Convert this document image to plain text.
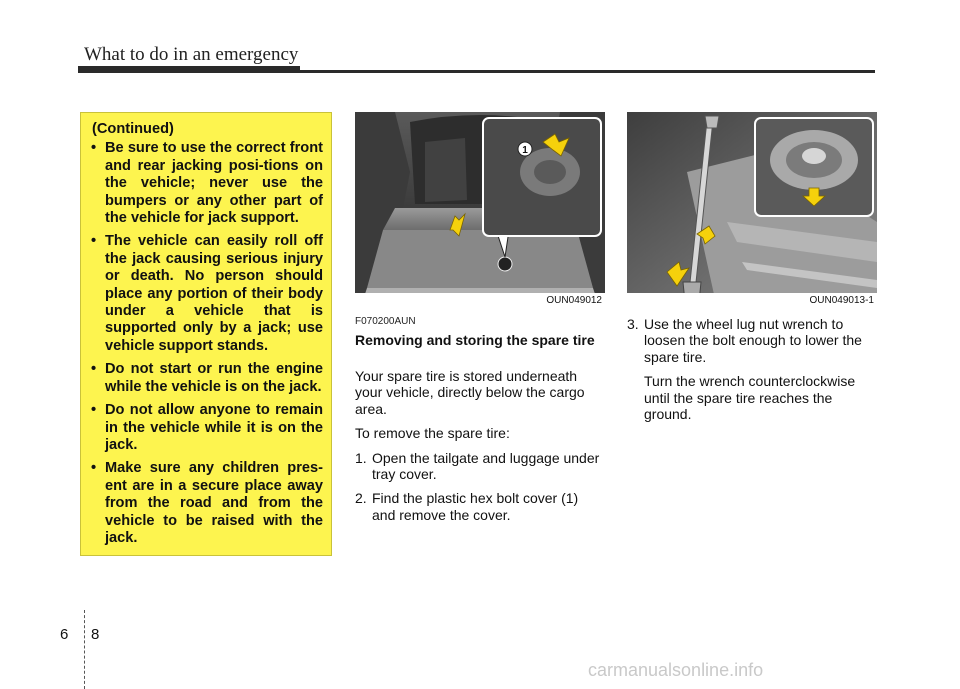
What to do in an emergency
(Continued)
• Be sure to use the correct front and rear jacking posi-tions on the vehicle; never use the bumpers or any other part of the vehicle for jack support.
• The vehicle can easily roll off the jack causing serious injury or death. No person should place any portion of their body under a vehicle that is supported only by a jack; use vehicle support stands.
• Do not start or run the engine while the vehicle is on the jack.
• Do not allow anyone to remain in the vehicle while it is on the jack.
• Make sure any children pres-ent are in a secure place away from the road and from the vehicle to be raised with the jack.
1
OUN049012	OUN049013-1
F070200AUN
Removing and storing the spare tire

Your spare tire is stored underneath your vehicle, directly below the cargo area.

To remove the spare tire:

1. Open the tailgate and luggage under tray cover.

2. Find the plastic hex bolt cover (1) and remove the cover.

3. Use the wheel lug nut wrench to loosen the bolt enough to lower the spare tire.

Turn the wrench counterclockwise until the spare tire reaches the ground.

6 8
carmanualsonline.info
